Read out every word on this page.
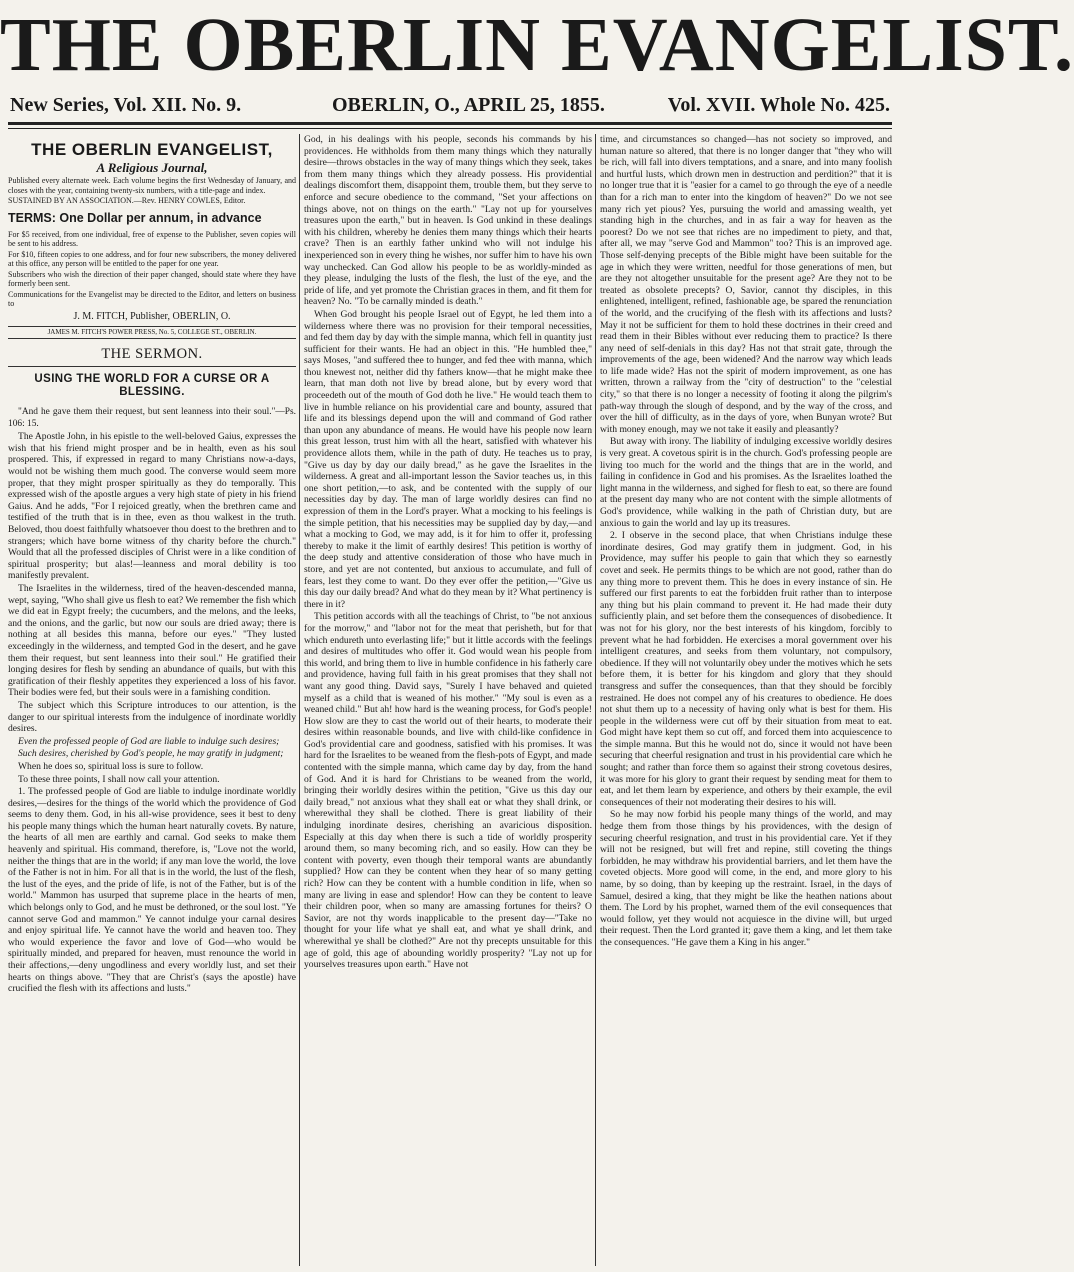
THE OBERLIN EVANGELIST.
New Series, Vol. XII. No. 9.	OBERLIN, O., APRIL 25, 1855.	Vol. XVII. Whole No. 425.
THE OBERLIN EVANGELIST,
A Religious Journal,

Published every alternate week. Each volume begins the first Wednesday of January, and closes with the year, containing twenty-six numbers, with a title-page and index.

SUSTAINED BY AN ASSOCIATION.—Rev. HENRY COWLES, Editor.

TERMS: One Dollar per annum, in advance

For $5 received, from one individual, free of expense to the Publisher, seven copies will be sent to his address.

For $10, fifteen copies to one address, and for four new subscribers, the money delivered at this office, any person will be entitled to the paper for one year.

Subscribers who wish the direction of their paper changed, should state where they have formerly been sent.

Communications for the Evangelist may be directed to the Editor, and letters on business to

J. M. FITCH, Publisher, OBERLIN, O.
JAMES M. FITCH'S POWER PRESS, No. 5, COLLEGE ST., OBERLIN.
THE SERMON.
USING THE WORLD FOR A CURSE OR A BLESSING.

"And he gave them their request, but sent leanness into their soul."—Ps. 106: 15.

The Apostle John, in his epistle to the well-beloved Gaius, expresses the wish that his friend might prosper and be in health, even as his soul prospered. This, if expressed in regard to many Christians now-a-days, would not be wishing them much good. The converse would seem more proper, that they might prosper spiritually as they do temporally. This expressed wish of the apostle argues a very high state of piety in his friend Gaius. And he adds, "For I rejoiced greatly, when the brethren came and testified of the truth that is in thee, even as thou walkest in the truth. Beloved, thou doest faithfully whatsoever thou doest to the brethren and to strangers; which have borne witness of thy charity before the church." Would that all the professed disciples of Christ were in a like condition of spiritual prosperity; but alas!—leanness and moral debility is too manifestly prevalent.

The Israelites in the wilderness, tired of the heaven-descended manna, wept, saying, "Who shall give us flesh to eat? We remember the fish which we did eat in Egypt freely; the cucumbers, and the melons, and the leeks, and the onions, and the garlic, but now our souls are dried away; there is nothing at all besides this manna, before our eyes." "They lusted exceedingly in the wilderness, and tempted God in the desert, and he gave them their request, but sent leanness into their soul." He gratified their longing desires for flesh by sending an abundance of quails, but with this gratification of their fleshly appetites they experienced a loss of his favor. Their bodies were fed, but their souls were in a famishing condition.

The subject which this Scripture introduces to our attention, is the danger to our spiritual interests from the indulgence of inordinate worldly desires.

Even the professed people of God are liable to indulge such desires;

Such desires, cherished by God's people, he may gratify in judgment;

When he does so, spiritual loss is sure to follow.

To these three points, I shall now call your attention.

1. The professed people of God are liable to indulge inordinate worldly desires,—desires for the things of the world which the providence of God seems to deny them. God, in his all-wise providence, sees it best to deny his people many things which the human heart naturally covets. By nature, the hearts of all men are earthly and carnal. God seeks to make them heavenly and spiritual. His command, therefore, is, "Love not the world, neither the things that are in the world; if any man love the world, the love of the Father is not in him. For all that is in the world, the lust of the flesh, the lust of the eyes, and the pride of life, is not of the Father, but is of the world." Mammon has usurped that supreme place in the hearts of men, which belongs only to God, and he must be dethroned, or the soul lost. "Ye cannot serve God and mammon." Ye cannot indulge your carnal desires and enjoy spiritual life. Ye cannot have the world and heaven too. They who would experience the favor and love of God—who would be spiritually minded, and prepared for heaven, must renounce the world in their affections,—deny ungodliness and every worldly lust, and set their hearts on things above. "They that are Christ's (says the apostle) have crucified the flesh with its affections and lusts."

God, in his dealings with his people, seconds his commands by his providences. He withholds from them many things which they naturally desire—throws obstacles in the way of many things which they seek, takes from them many things which they already possess. His providential dealings discomfort them, disappoint them, trouble them, but they serve to enforce and secure obedience to the command, "Set your affections on things above, not on things on the earth." "Lay not up for yourselves treasures upon the earth," but in heaven. Is God unkind in these dealings with his children, whereby he denies them many things which their hearts crave? Then is an earthly father unkind who will not indulge his inexperienced son in every thing he wishes, nor suffer him to have his own way unchecked. Can God allow his people to be as worldly-minded as they please, indulging the lusts of the flesh, the lust of the eye, and the pride of life, and yet promote the Christian graces in them, and fit them for heaven? No. "To be carnally minded is death."

When God brought his people Israel out of Egypt, he led them into a wilderness where there was no provision for their temporal necessities, and fed them day by day with the simple manna, which fell in quantity just sufficient for their wants. He had an object in this. "He humbled thee," says Moses, "and suffered thee to hunger, and fed thee with manna, which thou knewest not, neither did thy fathers know—that he might make thee learn, that man doth not live by bread alone, but by every word that proceedeth out of the mouth of God doth he live." He would teach them to live in humble reliance on his providential care and bounty, assured that life and its blessings depend upon the will and command of God rather than upon any abundance of means. He would have his people now learn this great lesson, trust him with all the heart, satisfied with whatever his providence allots them, while in the path of duty. He teaches us to pray, "Give us day by day our daily bread," as he gave the Israelites in the wilderness. A great and all-important lesson the Savior teaches us, in this one short petition,—to ask, and be contented with the supply of our necessities day by day. The man of large worldly desires can find no expression of them in the Lord's prayer. What a mocking to his feelings is the simple petition, that his necessities may be supplied day by day,—and what a mocking to God, we may add, is it for him to offer it, professing thereby to make it the limit of earthly desires! This petition is worthy of the deep study and attentive consideration of those who have much in store, and yet are not contented, but anxious to accumulate, and full of fears, lest they come to want. Do they ever offer the petition,—"Give us this day our daily bread? And what do they mean by it? What pertinency is there in it?

This petition accords with all the teachings of Christ, to "be not anxious for the morrow," and "labor not for the meat that perisheth, but for that which endureth unto everlasting life;" but it little accords with the feelings and desires of multitudes who offer it. God would wean his people from this world, and bring them to live in humble confidence in his fatherly care and providence, having full faith in his great promises that they shall not want any good thing. David says, "Surely I have behaved and quieted myself as a child that is weaned of his mother." "My soul is even as a weaned child." But ah! how hard is the weaning process, for God's people! How slow are they to cast the world out of their hearts, to moderate their desires within reasonable bounds, and live with child-like confidence in God's providential care and goodness, satisfied with his promises. It was hard for the Israelites to be weaned from the flesh-pots of Egypt, and made contented with the simple manna, which came day by day, from the hand of God. And it is hard for Christians to be weaned from the world, bringing their worldly desires within the petition, "Give us this day our daily bread," not anxious what they shall eat or what they shall drink, or wherewithal they shall be clothed. There is great liability of their indulging inordinate desires, cherishing an avaricious disposition. Especially at this day when there is such a tide of worldly prosperity around them, so many becoming rich, and so easily. How can they be content with poverty, even though their temporal wants are abundantly supplied? How can they be content when they hear of so many getting rich? How can they be content with a humble condition in life, when so many are living in ease and splendor! How can they be content to leave their children poor, when so many are amassing fortunes for theirs? O Savior, are not thy words inapplicable to the present day—"Take no thought for your life what ye shall eat, and what ye shall drink, and wherewithal ye shall be clothed?" Are not thy precepts unsuitable for this age of gold, this age of abounding worldly prosperity? "Lay not up for yourselves treasures upon earth." Have not

time, and circumstances so changed—has not society so improved, and human nature so altered, that there is no longer danger that "they who will be rich, will fall into divers temptations, and a snare, and into many foolish and hurtful lusts, which drown men in destruction and perdition?" that it is no longer true that it is "easier for a camel to go through the eye of a needle than for a rich man to enter into the kingdom of heaven?" Do we not see many rich yet pious? Yes, pursuing the world and amassing wealth, yet standing high in the churches, and in as fair a way for heaven as the poorest? Do we not see that riches are no impediment to piety, and that, after all, we may "serve God and Mammon" too? This is an improved age. Those self-denying precepts of the Bible might have been suitable for the age in which they were written, needful for those generations of men, but are they not altogether unsuitable for the present age? Are they not to be treated as obsolete precepts? O, Savior, cannot thy disciples, in this enlightened, intelligent, refined, fashionable age, be spared the renunciation of the world, and the crucifying of the flesh with its affections and lusts? May it not be sufficient for them to hold these doctrines in their creed and read them in their Bibles without ever reducing them to practice? Is there any need of self-denials in this day? Has not that strait gate, through the improvements of the age, been widened? And the narrow way which leads to life made wide? Has not the spirit of modern improvement, as one has written, thrown a railway from the "city of destruction" to the "celestial city," so that there is no longer a necessity of footing it along the pilgrim's path-way through the slough of despond, and by the way of the cross, and over the hill of difficulty, as in the days of yore, when Bunyan wrote? But with money enough, may we not take it easily and pleasantly?

But away with irony. The liability of indulging excessive worldly desires is very great. A covetous spirit is in the church. God's professing people are living too much for the world and the things that are in the world, and failing in confidence in God and his promises. As the Israelites loathed the light manna in the wilderness, and sighed for flesh to eat, so there are found at the present day many who are not content with the simple allotments of God's providence, while walking in the path of Christian duty, but are anxious to gain the world and lay up its treasures.

2. I observe in the second place, that when Christians indulge these inordinate desires, God may gratify them in judgment. God, in his Providence, may suffer his people to gain that which they so earnestly covet and seek. He permits things to be which are not good, rather than do any thing more to prevent them. This he does in every instance of sin. He suffered our first parents to eat the forbidden fruit rather than to interpose any thing but his plain command to prevent it. He had made their duty sufficiently plain, and set before them the consequences of disobedience. It was not for his glory, nor the best interests of his kingdom, forcibly to prevent what he had forbidden. He exercises a moral government over his intelligent creatures, and seeks from them voluntary, not compulsory, obedience. If they will not voluntarily obey under the motives which he sets before them, it is better for his kingdom and glory that they should transgress and suffer the consequences, than that they should be forcibly restrained. He does not compel any of his creatures to obedience. He does not shut them up to a necessity of having only what is best for them. His people in the wilderness were cut off by their situation from meat to eat. God might have kept them so cut off, and forced them into acquiescence to the simple manna. But this he would not do, since it would not have been securing that cheerful resignation and trust in his providential care which he sought; and rather than force them so against their strong covetous desires, it was more for his glory to grant their request by sending meat for them to eat, and let them learn by experience, and others by their example, the evil consequences of their not moderating their desires to his will.

So he may now forbid his people many things of the world, and may hedge them from those things by his providences, with the design of securing cheerful resignation, and trust in his providential care. Yet if they will not be resigned, but will fret and repine, still coveting the things forbidden, he may withdraw his providential barriers, and let them have the coveted objects. More good will come, in the end, and more glory to his name, by so doing, than by keeping up the restraint. Israel, in the days of Samuel, desired a king, that they might be like the heathen nations about them. The Lord by his prophet, warned them of the evil consequences that would follow, yet they would not acquiesce in the divine will, but urged their request. Then the Lord granted it; gave them a king, and let them take the consequences. "He gave them a King in his anger."
